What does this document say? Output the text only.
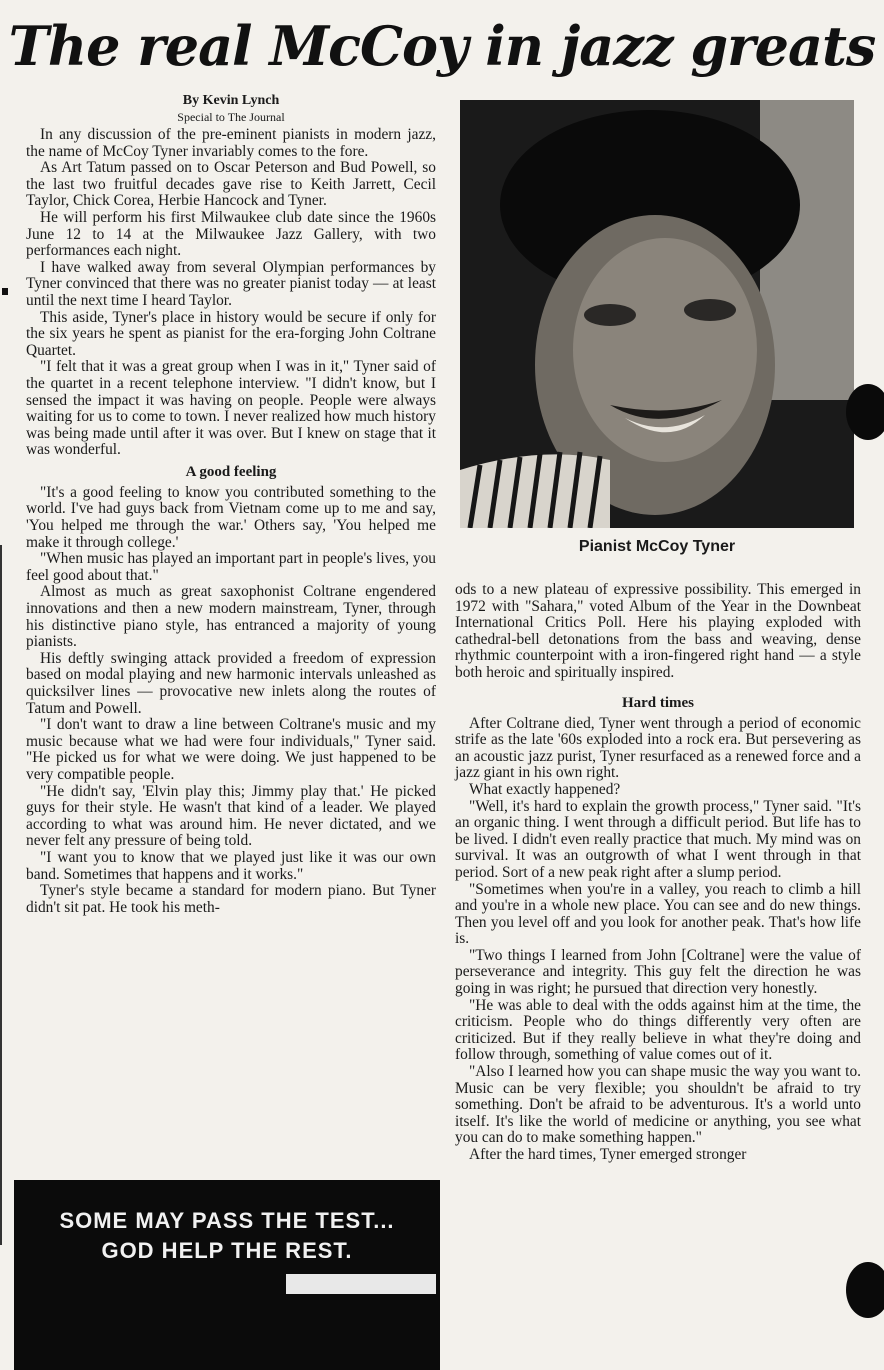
The real McCoy in jazz greats
By Kevin Lynch
Special to The Journal

In any discussion of the pre-eminent pianists in modern jazz, the name of McCoy Tyner invariably comes to the fore.

As Art Tatum passed on to Oscar Peterson and Bud Powell, so the last two fruitful decades gave rise to Keith Jarrett, Cecil Taylor, Chick Corea, Herbie Hancock and Tyner.

He will perform his first Milwaukee club date since the 1960s June 12 to 14 at the Milwaukee Jazz Gallery, with two performances each night.

I have walked away from several Olympian performances by Tyner convinced that there was no greater pianist today — at least until the next time I heard Taylor.

This aside, Tyner's place in history would be secure if only for the six years he spent as pianist for the era-forging John Coltrane Quartet.

"I felt that it was a great group when I was in it," Tyner said of the quartet in a recent telephone interview. "I didn't know, but I sensed the impact it was having on people. People were always waiting for us to come to town. I never realized how much history was being made until after it was over. But I knew on stage that it was wonderful.

A good feeling

"It's a good feeling to know you contributed something to the world. I've had guys back from Vietnam come up to me and say, 'You helped me through the war.' Others say, 'You helped me make it through college.'

"When music has played an important part in people's lives, you feel good about that."

Almost as much as great saxophonist Coltrane engendered innovations and then a new modern mainstream, Tyner, through his distinctive piano style, has entranced a majority of young pianists.

His deftly swinging attack provided a freedom of expression based on modal playing and new harmonic intervals unleashed as quicksilver lines — provocative new inlets along the routes of Tatum and Powell.

"I don't want to draw a line between Coltrane's music and my music because what we had were four individuals," Tyner said. "He picked us for what we were doing. We just happened to be very compatible people.

"He didn't say, 'Elvin play this; Jimmy play that.' He picked guys for their style. He wasn't that kind of a leader. We played according to what was around him. He never dictated, and we never felt any pressure of being told.

"I want you to know that we played just like it was our own band. Sometimes that happens and it works."

Tyner's style became a standard for modern piano. But Tyner didn't sit pat. He took his meth-

Pianist McCoy Tyner

ods to a new plateau of expressive possibility. This emerged in 1972 with "Sahara," voted Album of the Year in the Downbeat International Critics Poll. Here his playing exploded with cathedral-bell detonations from the bass and weaving, dense rhythmic counterpoint with a iron-fingered right hand — a style both heroic and spiritually inspired.

Hard times

After Coltrane died, Tyner went through a period of economic strife as the late '60s exploded into a rock era. But persevering as an acoustic jazz purist, Tyner resurfaced as a renewed force and a jazz giant in his own right.

What exactly happened?

"Well, it's hard to explain the growth process," Tyner said. "It's an organic thing. I went through a difficult period. But life has to be lived. I didn't even really practice that much. My mind was on survival. It was an outgrowth of what I went through in that period. Sort of a new peak right after a slump period.

"Sometimes when you're in a valley, you reach to climb a hill and you're in a whole new place. You can see and do new things. Then you level off and you look for another peak. That's how life is.

"Two things I learned from John [Coltrane] were the value of perseverance and integrity. This guy felt the direction he was going in was right; he pursued that direction very honestly.

"He was able to deal with the odds against him at the time, the criticism. People who do things differently very often are criticized. But if they really believe in what they're doing and follow through, something of value comes out of it.

"Also I learned how you can shape music the way you want to. Music can be very flexible; you shouldn't be afraid to try something. Don't be afraid to be adventurous. It's a world unto itself. It's like the world of medicine or anything, you see what you can do to make something happen."

After the hard times, Tyner emerged stronger

SOME MAY PASS THE TEST...
GOD HELP THE REST.
